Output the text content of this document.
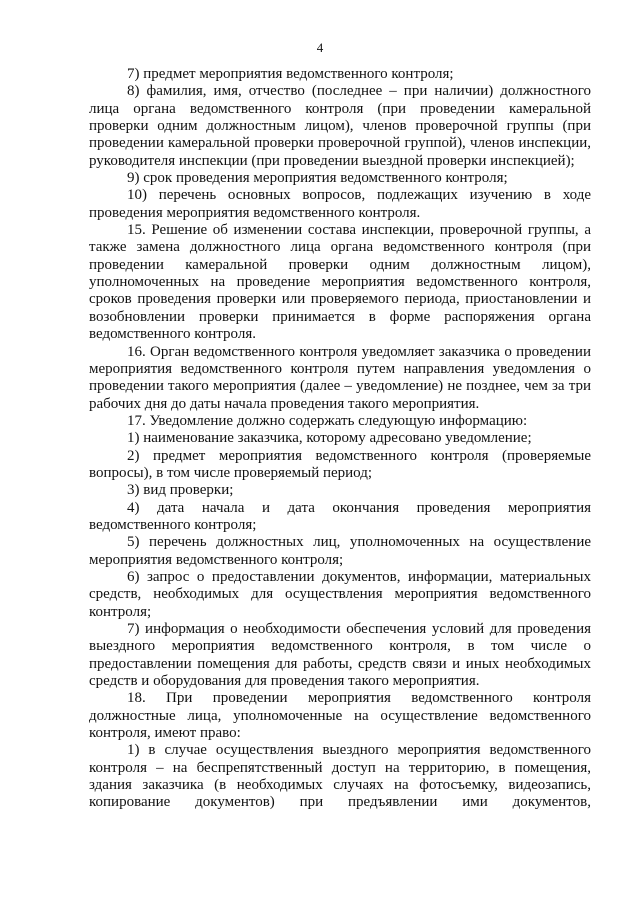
4

7) предмет мероприятия ведомственного контроля;

8) фамилия, имя, отчество (последнее – при наличии) должностного лица органа ведомственного контроля (при проведении камеральной проверки одним должностным лицом), членов проверочной группы (при проведении камеральной проверки проверочной группой), членов инспекции, руководителя инспекции (при проведении выездной проверки инспекцией);

9) срок проведения мероприятия ведомственного контроля;

10) перечень основных вопросов, подлежащих изучению в ходе проведения мероприятия ведомственного контроля.

15. Решение об изменении состава инспекции, проверочной группы, а также замена должностного лица органа ведомственного контроля (при проведении камеральной проверки одним должностным лицом), уполномоченных на проведение мероприятия ведомственного контроля, сроков проведения проверки или проверяемого периода, приостановлении и возобновлении проверки принимается в форме распоряжения органа ведомственного контроля.

16. Орган ведомственного контроля уведомляет заказчика о проведении мероприятия ведомственного контроля путем направления уведомления о проведении такого мероприятия (далее – уведомление) не позднее, чем за три рабочих дня до даты начала проведения такого мероприятия.

17. Уведомление должно содержать следующую информацию:

1) наименование заказчика, которому адресовано уведомление;

2) предмет мероприятия ведомственного контроля (проверяемые вопросы), в том числе проверяемый период;

3) вид проверки;

4) дата начала и дата окончания проведения мероприятия ведомственного контроля;

5) перечень должностных лиц, уполномоченных на осуществление мероприятия ведомственного контроля;

6) запрос о предоставлении документов, информации, материальных средств, необходимых для осуществления мероприятия ведомственного контроля;

7) информация о необходимости обеспечения условий для проведения выездного мероприятия ведомственного контроля, в том числе о предоставлении помещения для работы, средств связи и иных необходимых средств и оборудования для проведения такого мероприятия.

18. При проведении мероприятия ведомственного контроля должностные лица, уполномоченные на осуществление ведомственного контроля, имеют право:

1) в случае осуществления выездного мероприятия ведомственного контроля – на беспрепятственный доступ на территорию, в помещения, здания заказчика (в необходимых случаях на фотосъемку, видеозапись, копирование документов) при предъявлении ими документов,
